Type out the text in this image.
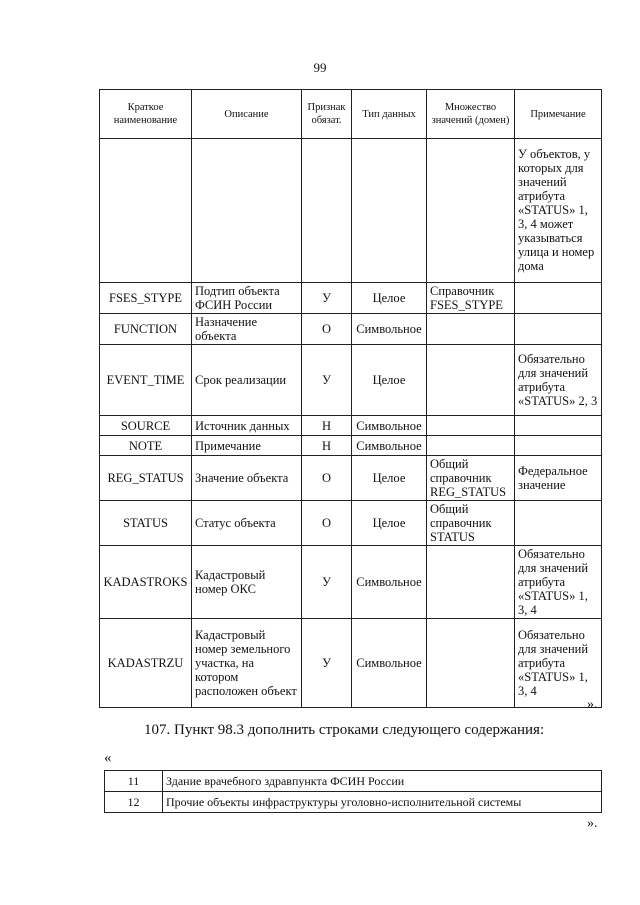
99
Краткое наименование	Описание	Признак обязат.	Тип данных	Множество значений (домен)	Примечание
					У объектов, у которых для значений атрибута «STATUS» 1, 3, 4 может указываться улица и номер дома
FSES_STYPE	Подтип объекта ФСИН России	У	Целое	Справочник FSES_STYPE	
FUNCTION	Назначение объекта	О	Символьное		
EVENT_TIME	Срок реализации	У	Целое		Обязательно для значений атрибута «STATUS» 2, 3
SOURCE	Источник данных	Н	Символьное		
NOTE	Примечание	Н	Символьное		
REG_STATUS	Значение объекта	О	Целое	Общий справочник REG_STATUS	Федеральное значение
STATUS	Статус объекта	О	Целое	Общий справочник STATUS	
KADASTROKS	Кадастровый номер ОКС	У	Символьное		Обязательно для значений атрибута «STATUS» 1, 3, 4
KADASTRZU	Кадастровый номер земельного участка, на котором расположен объект	У	Символьное		Обязательно для значений атрибута «STATUS» 1, 3, 4
».
107. Пункт 98.3 дополнить строками следующего содержания:
«
11	Здание врачебного здравпункта ФСИН России
12	Прочие объекты инфраструктуры уголовно-исполнительной системы
».
